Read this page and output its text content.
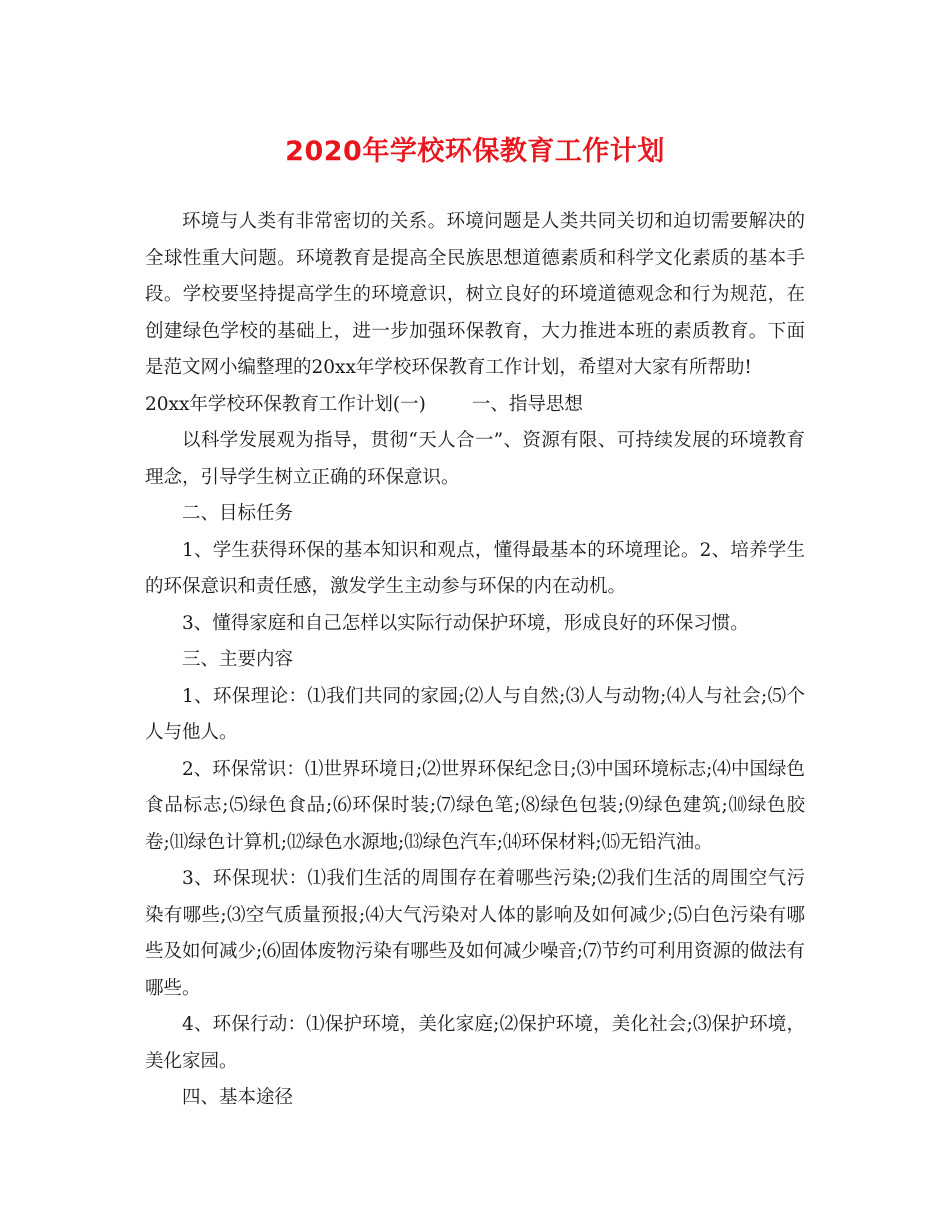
2020年学校环保教育工作计划

环境与人类有非常密切的关系。环境问题是人类共同关切和迫切需要解决的全球性重大问题。环境教育是提高全民族思想道德素质和科学文化素质的基本手段。学校要坚持提高学生的环境意识，树立良好的环境道德观念和行为规范，在创建绿色学校的基础上，进一步加强环保教育，大力推进本班的素质教育。下面是范文网小编整理的20xx年学校环保教育工作计划，希望对大家有所帮助!

20xx年学校环保教育工作计划(一) 一、指导思想

以科学发展观为指导，贯彻“天人合一”、资源有限、可持续发展的环境教育理念，引导学生树立正确的环保意识。

二、目标任务

1、学生获得环保的基本知识和观点，懂得最基本的环境理论。2、培养学生的环保意识和责任感，激发学生主动参与环保的内在动机。

3、懂得家庭和自己怎样以实际行动保护环境，形成良好的环保习惯。

三、主要内容

1、环保理论：⑴我们共同的家园;⑵人与自然;⑶人与动物;⑷人与社会;⑸个人与他人。

2、环保常识：⑴世界环境日;⑵世界环保纪念日;⑶中国环境标志;⑷中国绿色食品标志;⑸绿色食品;⑹环保时装;⑺绿色笔;⑻绿色包装;⑼绿色建筑;⑽绿色胶卷;⑾绿色计算机;⑿绿色水源地;⒀绿色汽车;⒁环保材料;⒂无铅汽油。

3、环保现状：⑴我们生活的周围存在着哪些污染;⑵我们生活的周围空气污染有哪些;⑶空气质量预报;⑷大气污染对人体的影响及如何减少;⑸白色污染有哪些及如何减少;⑹固体废物污染有哪些及如何减少噪音;⑺节约可利用资源的做法有哪些。

4、环保行动：⑴保护环境，美化家庭;⑵保护环境，美化社会;⑶保护环境，美化家园。

四、基本途径
